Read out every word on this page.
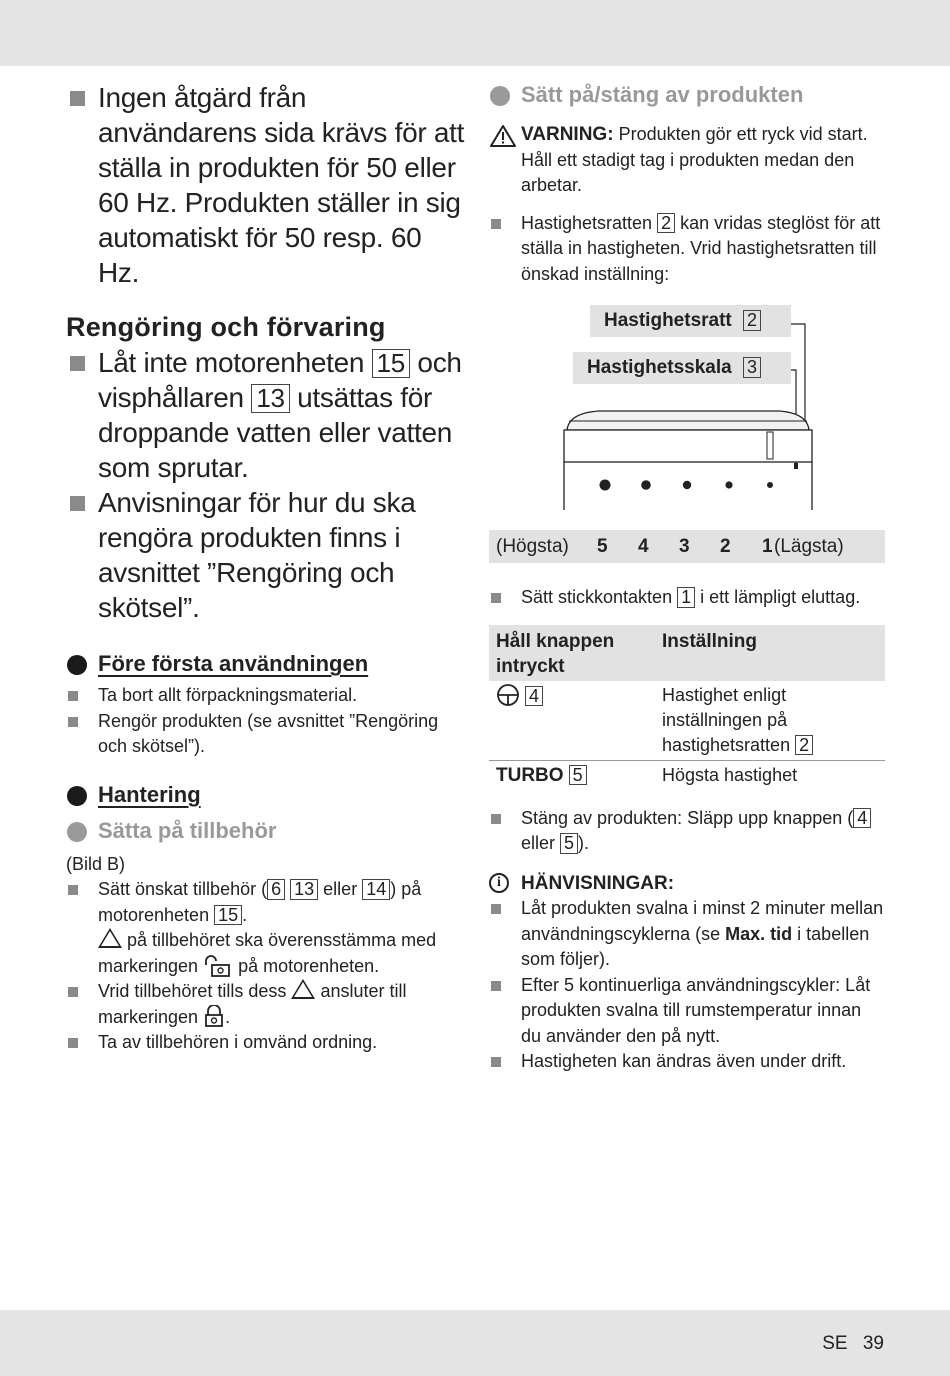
Ingen åtgärd från användarens sida krävs för att ställa in produkten för 50 eller 60 Hz. Produkten ställer in sig automatiskt för 50 resp. 60 Hz.
Rengöring och förvaring
Låt inte motorenheten 15 och visphållaren 13 utsättas för droppande vatten eller vatten som sprutar.
Anvisningar för hur du ska rengöra produkten finns i avsnittet ”Rengöring och skötsel”.
Före första användningen
Ta bort allt förpackningsmaterial.
Rengör produkten (se avsnittet ”Rengöring och skötsel”).
Hantering
Sätta på tillbehör
(Bild B)
Sätt önskat tillbehör ( 6 13 eller 14 ) på motorenheten 15 .
på tillbehöret ska överensstämma med markeringen på motorenheten.
Vrid tillbehöret tills dess ansluter till markeringen .
Ta av tillbehören i omvänd ordning.
Sätt på/stäng av produkten
VARNING: Produkten gör ett ryck vid start. Håll ett stadigt tag i produkten medan den arbetar.
Hastighetsratten 2 kan vridas steglöst för att ställa in hastigheten. Vrid hastighetsratten till önskad inställning:
Hastighetsratt 2
Hastighetsskala 3
(Högsta) 5 4 3 2 1 (Lägsta)
Sätt stickkontakten 1 i ett lämpligt eluttag.
Håll knappen intryckt	Inställning
4	Hastighet enligt inställningen på hastighetsratten 2
TURBO 5	Högsta hastighet
Stäng av produkten: Släpp upp knappen ( 4 eller 5 ).
i	HÄNVISNINGAR:
Låt produkten svalna i minst 2 minuter mellan användningscyklerna (se Max. tid i tabellen som följer).
Efter 5 kontinuerliga användningscykler: Låt produkten svalna till rumstemperatur innan du använder den på nytt.
Hastigheten kan ändras även under drift.
SE 39
